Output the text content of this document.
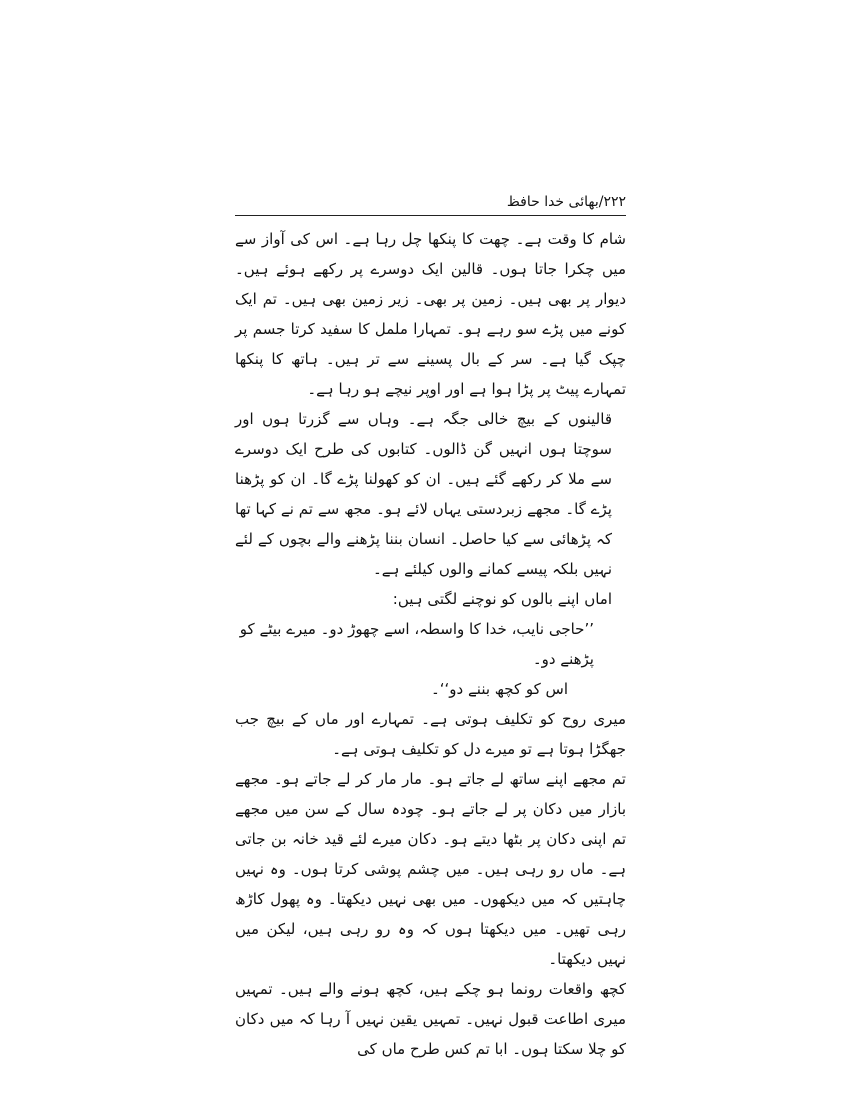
۲۲۲/بھائی خدا حافظ

شام کا وقت ہے۔ چھت کا پنکھا چل رہا ہے۔ اس کی آواز سے میں چکرا جاتا ہوں۔ قالین ایک دوسرے پر رکھے ہوئے ہیں۔ دیوار پر بھی ہیں۔ زمین پر بھی۔ زیر زمین بھی ہیں۔ تم ایک کونے میں پڑے سو رہے ہو۔ تمہارا ململ کا سفید کرتا جسم پر چپک گیا ہے۔ سر کے بال پسینے سے تر ہیں۔ ہاتھ کا پنکھا تمہارے پیٹ پر پڑا ہوا ہے اور اوپر نیچے ہو رہا ہے۔

قالینوں کے بیچ خالی جگہ ہے۔ وہاں سے گزرتا ہوں اور سوچتا ہوں انہیں گن ڈالوں۔ کتابوں کی طرح ایک دوسرے سے ملا کر رکھے گئے ہیں۔ ان کو کھولنا پڑے گا۔ ان کو پڑھنا پڑے گا۔ مجھے زبردستی یہاں لائے ہو۔ مجھ سے تم نے کہا تھا کہ پڑھائی سے کیا حاصل۔ انسان بننا پڑھنے والے بچوں کے لئے نہیں بلکہ پیسے کمانے والوں کیلئے ہے۔

اماں اپنے بالوں کو نوچنے لگتی ہیں:

’’حاجی نایب، خدا کا واسطہ، اسے چھوڑ دو۔ میرے بیٹے کو پڑھنے دو۔

اس کو کچھ بننے دو‘‘۔

میری روح کو تکلیف ہوتی ہے۔ تمہارے اور ماں کے بیچ جب جھگڑا ہوتا ہے تو میرے دل کو تکلیف ہوتی ہے۔

تم مجھے اپنے ساتھ لے جاتے ہو۔ مار مار کر لے جاتے ہو۔ مجھے بازار میں دکان پر لے جاتے ہو۔ چودہ سال کے سن میں مجھے تم اپنی دکان پر بٹھا دیتے ہو۔ دکان میرے لئے قید خانہ بن جاتی ہے۔ ماں رو رہی ہیں۔ میں چشم پوشی کرتا ہوں۔ وہ نہیں چاہتیں کہ میں دیکھوں۔ میں بھی نہیں دیکھتا۔ وہ پھول کاڑھ رہی تھیں۔ میں دیکھتا ہوں کہ وہ رو رہی ہیں، لیکن میں نہیں دیکھتا۔

کچھ واقعات رونما ہو چکے ہیں، کچھ ہونے والے ہیں۔ تمہیں میری اطاعت قبول نہیں۔ تمہیں یقین نہیں آ رہا کہ میں دکان کو چلا سکتا ہوں۔ ابا تم کس طرح ماں کی
